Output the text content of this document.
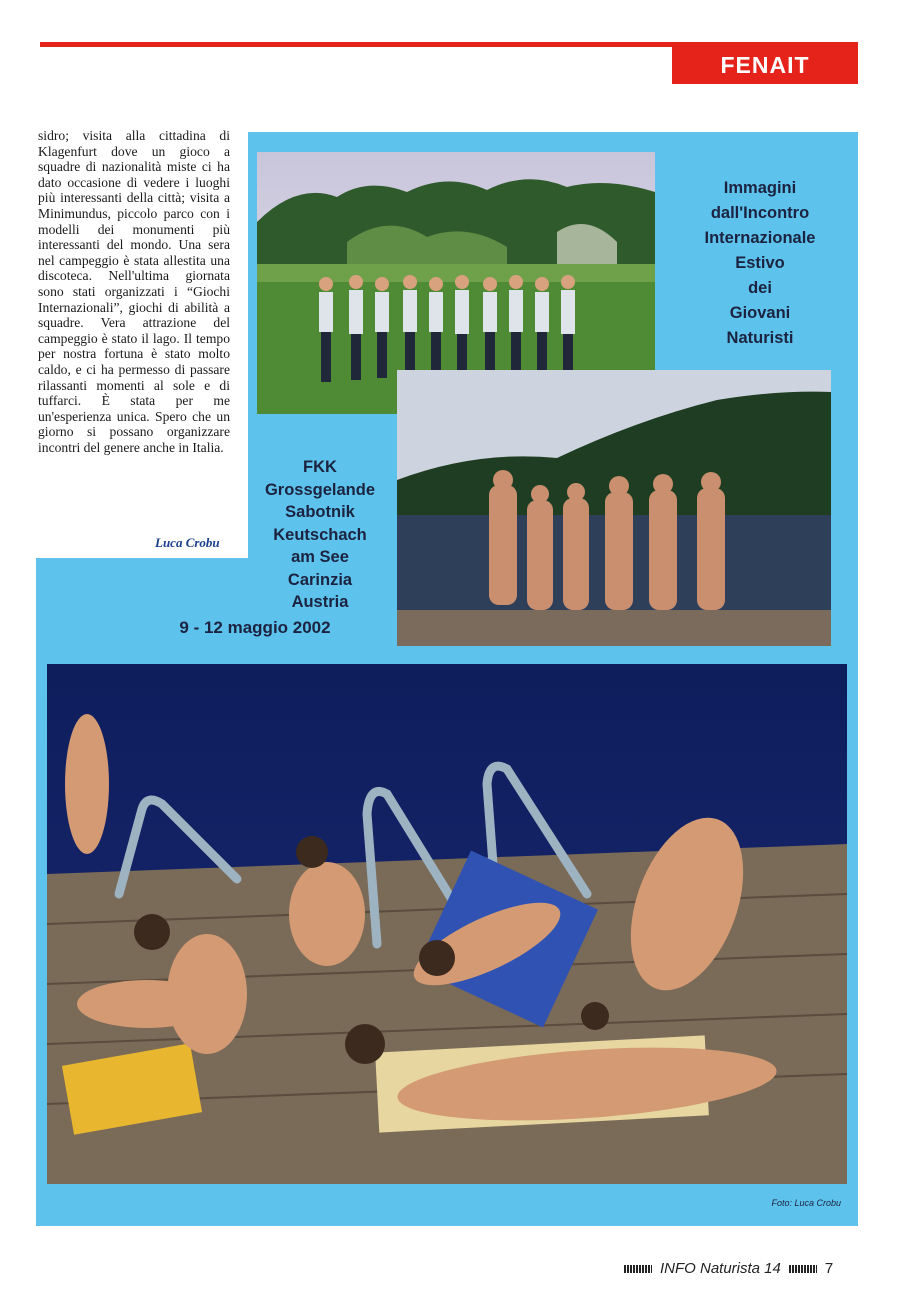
FENAIT
sidro; visita alla cittadina di Klagenfurt dove un gioco a squadre di nazionalità miste ci ha dato occasione di vedere i luoghi più interessanti della città; visita a Minimundus, piccolo parco con i modelli dei monumenti più interessanti del mondo. Una sera nel campeggio è stata allestita una discoteca. Nell'ultima giornata sono stati organizzati i “Giochi Internazionali”, giochi di abilità a squadre. Vera attrazione del campeggio è stato il lago. Il tempo per nostra fortuna è stato molto caldo, e ci ha permesso di passare rilassanti momenti al sole e di tuffarci. È stata per me un'esperienza unica. Spero che un giorno si possano organizzare incontri del genere anche in Italia.
Luca Crobu
Immagini
dall'Incontro
Internazionale
Estivo
dei
Giovani
Naturisti
FKK
Grossgelande
Sabotnik
Keutschach
am See
Carinzia
Austria
9 - 12 maggio 2002
Foto: Luca Crobu
INFO Naturista 14	7
